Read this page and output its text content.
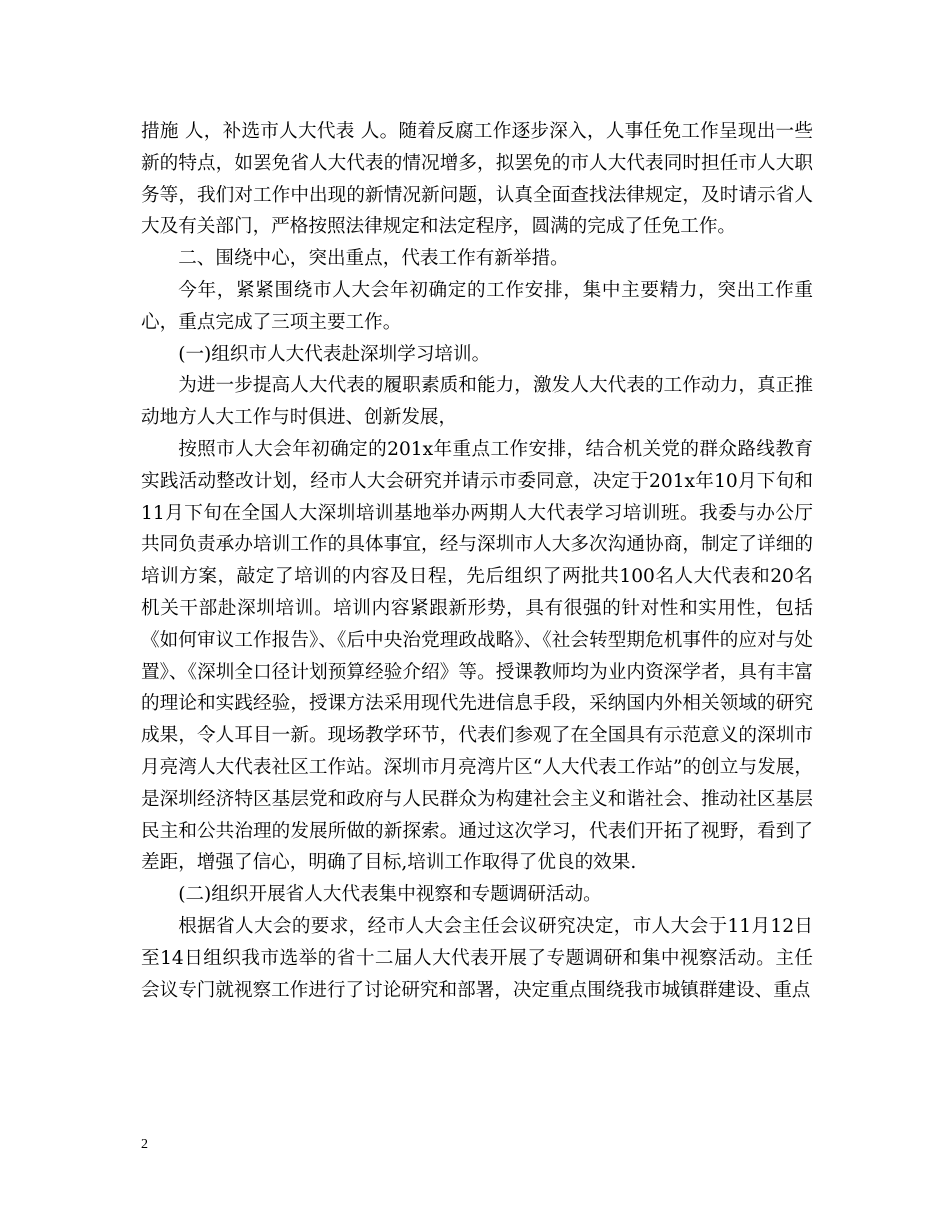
措施 人，补选市人大代表 人。随着反腐工作逐步深入，人事任免工作呈现出一些新的特点，如罢免省人大代表的情况增多，拟罢免的市人大代表同时担任市人大职务等，我们对工作中出现的新情况新问题，认真全面查找法律规定，及时请示省人大及有关部门，严格按照法律规定和法定程序，圆满的完成了任免工作。

二、围绕中心，突出重点，代表工作有新举措。

今年，紧紧围绕市人大会年初确定的工作安排，集中主要精力，突出工作重心，重点完成了三项主要工作。

(一)组织市人大代表赴深圳学习培训。

为进一步提高人大代表的履职素质和能力，激发人大代表的工作动力，真正推动地方人大工作与时俱进、创新发展，

按照市人大会年初确定的201x年重点工作安排，结合机关党的群众路线教育实践活动整改计划，经市人大会研究并请示市委同意，决定于201x年10月下旬和11月下旬在全国人大深圳培训基地举办两期人大代表学习培训班。我委与办公厅共同负责承办培训工作的具体事宜，经与深圳市人大多次沟通协商，制定了详细的培训方案，敲定了培训的内容及日程，先后组织了两批共100名人大代表和20名机关干部赴深圳培训。培训内容紧跟新形势，具有很强的针对性和实用性，包括《如何审议工作报告》、《后中央治党理政战略》、《社会转型期危机事件的应对与处置》、《深圳全口径计划预算经验介绍》等。授课教师均为业内资深学者，具有丰富的理论和实践经验，授课方法采用现代先进信息手段，采纳国内外相关领域的研究成果，令人耳目一新。现场教学环节，代表们参观了在全国具有示范意义的深圳市月亮湾人大代表社区工作站。深圳市月亮湾片区“人大代表工作站”的创立与发展，是深圳经济特区基层党和政府与人民群众为构建社会主义和谐社会、推动社区基层民主和公共治理的发展所做的新探索。通过这次学习，代表们开拓了视野，看到了差距，增强了信心，明确了目标,培训工作取得了优良的效果.

(二)组织开展省人大代表集中视察和专题调研活动。

根据省人大会的要求，经市人大会主任会议研究决定，市人大会于11月12日至14日组织我市选举的省十二届人大代表开展了专题调研和集中视察活动。主任会议专门就视察工作进行了讨论研究和部署，决定重点围绕我市城镇群建设、重点

2
